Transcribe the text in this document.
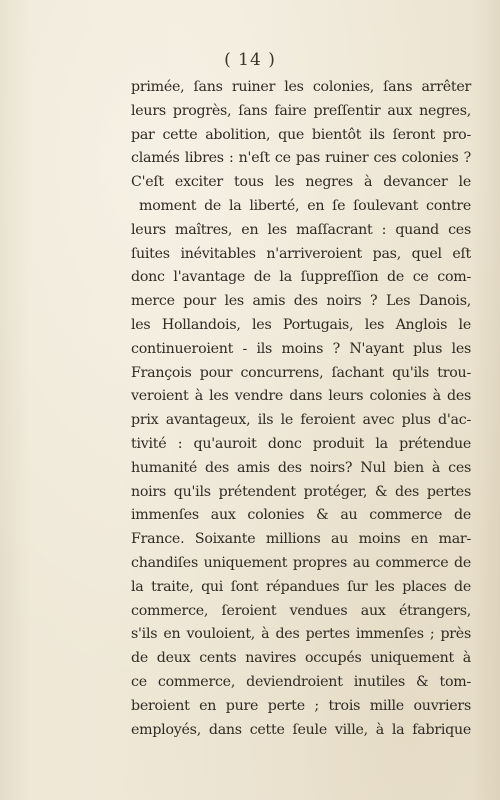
( 14 )
primée, ſans ruiner les colonies, ſans arrêter
leurs progrès, ſans faire preſſentir aux negres,
par cette abolition, que bientôt ils ſeront pro-
clamés libres : n'eſt ce pas ruiner ces colonies ?
C'eſt exciter tous les negres à devancer le
moment de la liberté, en ſe ſoulevant contre
leurs maîtres, en les maſſacrant : quand ces
ſuites inévitables n'arriveroient pas, quel eſt
donc l'avantage de la ſuppreſſion de ce com-
merce pour les amis des noirs ? Les Danois,
les Hollandois, les Portugais, les Anglois le
continueroient - ils moins ? N'ayant plus les
François pour concurrens, ſachant qu'ils trou-
veroient à les vendre dans leurs colonies à des
prix avantageux, ils le feroient avec plus d'ac-
tivité : qu'auroit donc produit la prétendue
humanité des amis des noirs? Nul bien à ces
noirs qu'ils prétendent protéger, & des pertes
immenſes aux colonies & au commerce de
France. Soixante millions au moins en mar-
chandiſes uniquement propres au commerce de
la traite, qui ſont répandues ſur les places de
commerce, ſeroient vendues aux étrangers,
s'ils en vouloient, à des pertes immenſes ; près
de deux cents navires occupés uniquement à
ce commerce, deviendroient inutiles & tom-
beroient en pure perte ; trois mille ouvriers
employés, dans cette ſeule ville, à la fabrique
